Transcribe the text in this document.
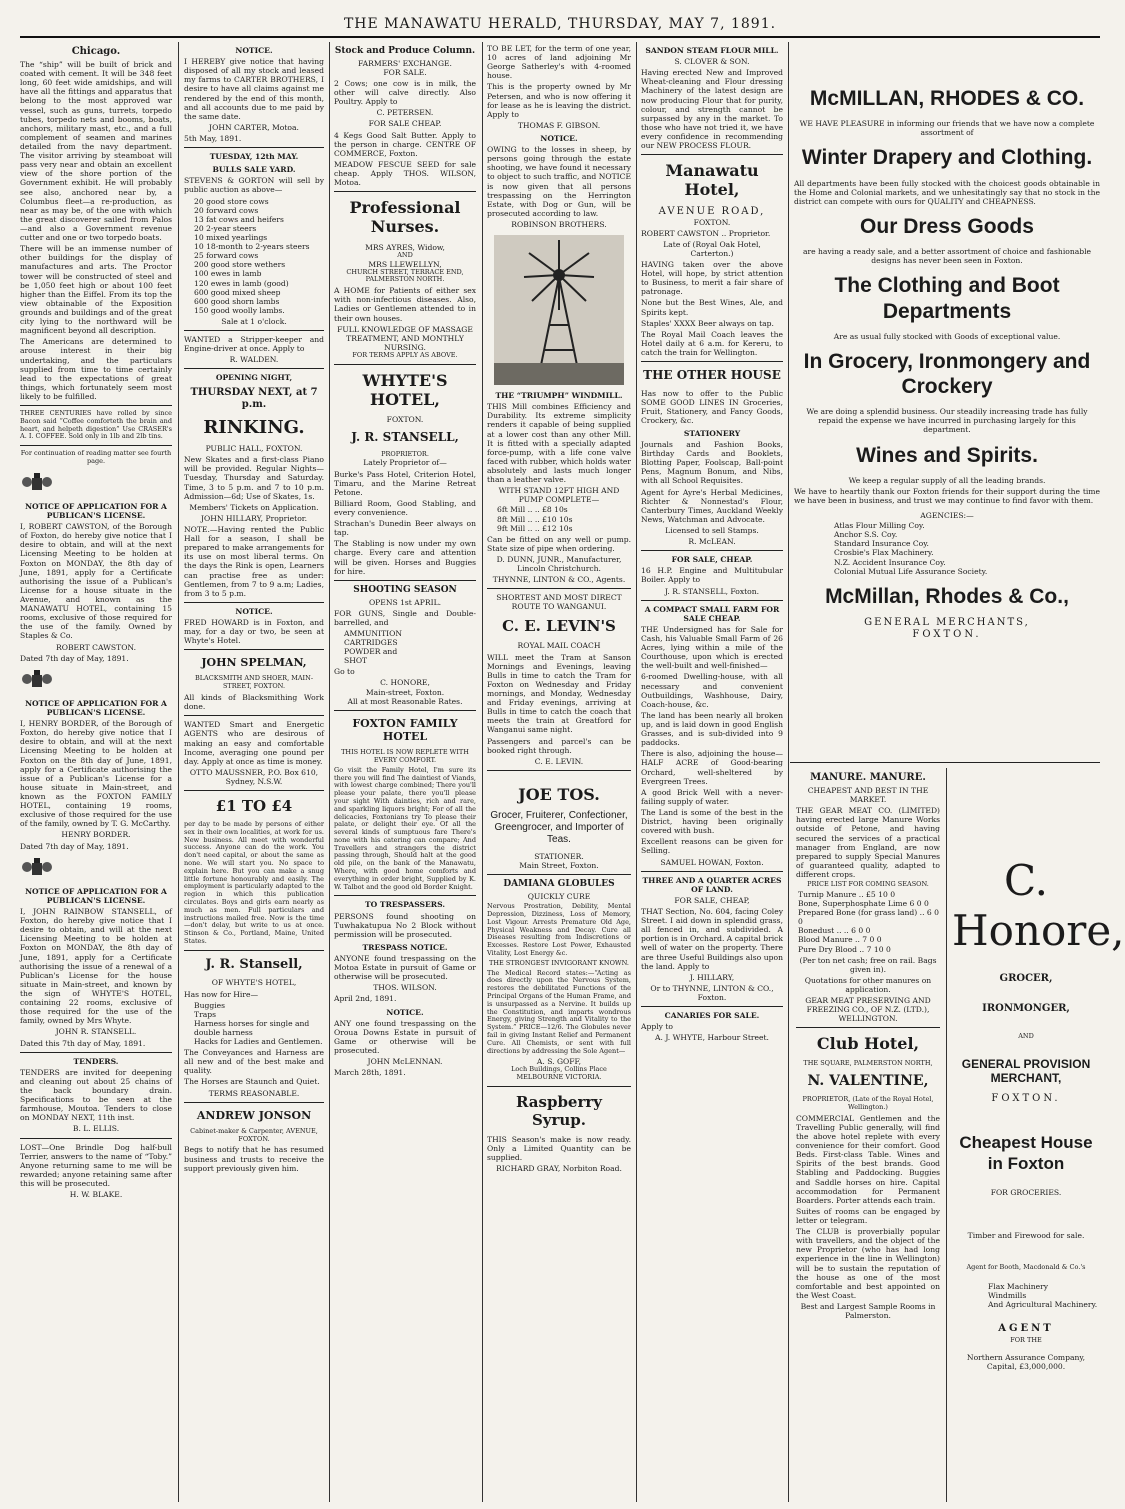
THE MANAWATU HERALD, THURSDAY, MAY 7, 1891.
Chicago.

The “ship” will be built of brick and coated with cement. It will be 348 feet long, 60 feet wide amidships, and will have all the fittings and apparatus that belong to the most approved war vessel, such as guns, turrets, torpedo tubes, torpedo nets and booms, boats, anchors, military mast, etc., and a full complement of seamen and marines detailed from the navy department. The visitor arriving by steamboat will pass very near and obtain an excellent view of the shore portion of the Government exhibit. He will probably see also, anchored near by, a Columbus fleet—a re-production, as near as may be, of the one with which the great discoverer sailed from Palos—and also a Government revenue cutter and one or two torpedo boats.

There will be an immense number of other buildings for the display of manufactures and arts. The Proctor tower will be constructed of steel and be 1,050 feet high or about 100 feet higher than the Eiffel. From its top the view obtainable of the Exposition grounds and buildings and of the great city lying to the northward will be magnificent beyond all description.

The Americans are determined to arouse interest in their big undertaking, and the particulars supplied from time to time certainly lead to the expectations of great things, which fortunately seem most likely to be fulfilled.

THREE CENTURIES have rolled by since Bacon said “Coffee comforteth the brain and heart, and helpeth digestion” Use CRASER's A. I. COFFEE. Sold only in 1lb and 2lb tins.

For continuation of reading matter see fourth page.

NOTICE OF APPLICATION FOR A PUBLICAN'S LICENSE.

I, ROBERT CAWSTON, of the Borough of Foxton, do hereby give notice that I desire to obtain, and will at the next Licensing Meeting to be holden at Foxton on MONDAY, the 8th day of June, 1891, apply for a Certificate authorising the issue of a Publican's License for a house situate in the Avenue, and known as the MANAWATU HOTEL, containing 15 rooms, exclusive of those required for the use of the family. Owned by Staples & Co.

ROBERT CAWSTON.

Dated 7th day of May, 1891.

NOTICE OF APPLICATION FOR A PUBLICAN'S LICENSE.

I, HENRY BORDER, of the Borough of Foxton, do hereby give notice that I desire to obtain, and will at the next Licensing Meeting to be holden at Foxton on the 8th day of June, 1891, apply for a Certificate authorising the issue of a Publican's License for a house situate in Main-street, and known as the FOXTON FAMILY HOTEL, containing 19 rooms, exclusive of those required for the use of the family, owned by T. G. McCarthy.

HENRY BORDER.

Dated 7th day of May, 1891.

NOTICE OF APPLICATION FOR A PUBLICAN'S LICENSE.

I, JOHN RAINBOW STANSELL, of Foxton, do hereby give notice that I desire to obtain, and will at the next Licensing Meeting to be holden at Foxton on MONDAY, the 8th day of June, 1891, apply for a Certificate authorising the issue of a renewal of a Publican's License for the house situate in Main-street, and known by the sign of WHYTE'S HOTEL, containing 22 rooms, exclusive of those required for the use of the family, owned by Mrs Whyte.

JOHN R. STANSELL.

Dated this 7th day of May, 1891.

TENDERS.

TENDERS are invited for deepening and cleaning out about 25 chains of the back boundary drain. Specifications to be seen at the farmhouse, Moutoa. Tenders to close on MONDAY NEXT, 11th inst.

B. L. ELLIS.

LOST—One Brindle Dog half-bull Terrier, answers to the name of “Toby.” Anyone returning same to me will be rewarded; anyone retaining same after this will be prosecuted.

H. W. BLAKE.

NOTICE.

I HEREBY give notice that having disposed of all my stock and leased my farms to CARTER BROTHERS, I desire to have all claims against me rendered by the end of this month, and all accounts due to me paid by the same date.

JOHN CARTER, Motoa.

5th May, 1891.

TUESDAY, 12th MAY.
BULLS SALE YARD.

STEVENS & GORTON will sell by public auction as above—

20 good store cows
20 forward cows
13 fat cows and heifers
20 2-year steers
10 mixed yearlings
10 18-month to 2-years steers
25 forward cows
200 good store wethers
100 ewes in lamb
120 ewes in lamb (good)
600 good mixed sheep
600 good shorn lambs
150 good woolly lambs.

Sale at 1 o'clock.

WANTED a Stripper-keeper and Engine-driver at once. Apply to

R. WALDEN.

OPENING NIGHT,
THURSDAY NEXT, at 7 p.m.
RINKING.
PUBLIC HALL, FOXTON.

New Skates and a first-class Piano will be provided. Regular Nights—Tuesday, Thursday and Saturday. Time, 3 to 5 p.m. and 7 to 10 p.m. Admission—6d; Use of Skates, 1s.

Members' Tickets on Application.

JOHN HILLARY, Proprietor.

NOTE.—Having rented the Public Hall for a season, I shall be prepared to make arrangements for its use on most liberal terms. On the days the Rink is open, Learners can practise free as under: Gentlemen, from 7 to 9 a.m; Ladies, from 3 to 5 p.m.

NOTICE.

FRED HOWARD is in Foxton, and may, for a day or two, be seen at Whyte's Hotel.

JOHN SPELMAN,
BLACKSMITH AND SHOER, MAIN-STREET, FOXTON.

All kinds of Blacksmithing Work done.

WANTED Smart and Energetic AGENTS who are desirous of making an easy and comfortable Income, averaging one pound per day. Apply at once as time is money.

OTTO MAUSSNER, P.O. Box 610, Sydney, N.S.W.

£1 TO £4

per day to be made by persons of either sex in their own localities, at work for us. New business. All meet with wonderful success. Anyone can do the work. You don't need capital, or about the same as none. We will start you. No space to explain here. But you can make a snug little fortune honourably and easily. The employment is particularly adapted to the region in which this publication circulates. Boys and girls earn nearly as much as men. Full particulars and instructions mailed free. Now is the time—don't delay, but write to us at once. Stinson & Co., Portland, Maine, United States.

J. R. Stansell,
OF WHYTE'S HOTEL,

Has now for Hire—

Buggies
Traps
Harness horses for single and double harness
Hacks for Ladies and Gentlemen.

The Conveyances and Harness are all new and of the best make and quality.

The Horses are Staunch and Quiet.

TERMS REASONABLE.

ANDREW JONSON
Cabinet-maker & Carpenter, AVENUE, FOXTON.

Begs to notify that he has resumed business and trusts to receive the support previously given him.

Stock and Produce Column.
FARMERS' EXCHANGE.
FOR SALE.

2 Cows; one cow is in milk, the other will calve directly. Also Poultry. Apply to

C. PETERSEN.

FOR SALE CHEAP.

4 Kegs Good Salt Butter. Apply to the person in charge. CENTRE OF COMMERCE, Foxton.

MEADOW FESCUE SEED for sale cheap. Apply THOS. WILSON, Motoa.

Professional Nurses.
MRS AYRES, Widow,
AND
MRS LLEWELLYN,
CHURCH STREET, TERRACE END, PALMERSTON NORTH.

A HOME for Patients of either sex with non-infectious diseases. Also, Ladies or Gentlemen attended to in their own houses.

FULL KNOWLEDGE OF MASSAGE TREATMENT, AND MONTHLY NURSING.
FOR TERMS APPLY AS ABOVE.
WHYTE'S HOTEL,
FOXTON.
J. R. STANSELL,
PROPRIETOR.
Lately Proprietor of—

Burke's Pass Hotel, Criterion Hotel, Timaru, and the Marine Retreat Petone.

Billiard Room, Good Stabling, and every convenience.

Strachan's Dunedin Beer always on tap.

The Stabling is now under my own charge. Every care and attention will be given. Horses and Buggies for hire.

SHOOTING SEASON
OPENS 1st APRIL.

FOR GUNS, Single and Double-barrelled, and

AMMUNITION
CARTRIDGES
POWDER and
SHOT

Go to

C. HONORE,
Main-street, Foxton.
All at most Reasonable Rates.
FOXTON FAMILY HOTEL
THIS HOTEL IS NOW REPLETE WITH EVERY COMFORT.

Go visit the Family Hotel, I'm sure its there you will find The daintiest of Viands, with lowest charge combined; There you'll please your palate, there you'll please your sight With dainties, rich and rare, and sparkling liquors bright; For of all the delicacies, Foxtonians try To please their palate, or delight their eye. Of all the several kinds of sumptuous fare There's none with his catering can compare; And Travellers and strangers the district passing through, Should halt at the good old pile, on the bank of the Manawatu, Where, with good home comforts and everything in order bright, Supplied by K. W. Talbot and the good old Border Knight.

TO TRESPASSERS.

PERSONS found shooting on Tuwhakatupua No 2 Block without permission will be prosecuted.

TRESPASS NOTICE.

ANYONE found trespassing on the Motoa Estate in pursuit of Game or otherwise will be prosecuted.

THOS. WILSON.

April 2nd, 1891.

NOTICE.

ANY one found trespassing on the Oroua Downs Estate in pursuit of Game or otherwise will be prosecuted.

JOHN McLENNAN.

March 28th, 1891.

TO BE LET, for the term of one year, 10 acres of land adjoining Mr George Satherley's with 4-roomed house.

This is the property owned by Mr Petersen, and who is now offering it for lease as he is leaving the district. Apply to

THOMAS F. GIBSON.

NOTICE.

OWING to the losses in sheep, by persons going through the estate shooting, we have found it necessary to object to such traffic, and NOTICE is now given that all persons trespassing on the Herrington Estate, with Dog or Gun, will be prosecuted according to law.

ROBINSON BROTHERS.

THE “TRIUMPH” WINDMILL.

THIS Mill combines Efficiency and Durability. Its extreme simplicity renders it capable of being supplied at a lower cost than any other Mill. It is fitted with a specially adapted force-pump, with a life cone valve faced with rubber, which holds water absolutely and lasts much longer than a leather valve.

WITH STAND 12FT HIGH AND PUMP COMPLETE—
6ft Mill .. .. £8 10s
8ft Mill .. .. £10 10s
9ft Mill .. .. £12 10s

Can be fitted on any well or pump. State size of pipe when ordering.

D. DUNN, JUNR., Manufacturer, Lincoln Christchurch.

THYNNE, LINTON & CO., Agents.

SHORTEST AND MOST DIRECT ROUTE TO WANGANUI.
C. E. LEVIN'S
ROYAL MAIL COACH

WILL meet the Tram at Sanson Mornings and Evenings, leaving Bulls in time to catch the Tram for Foxton on Wednesday and Friday mornings, and Monday, Wednesday and Friday evenings, arriving at Bulls in time to catch the coach that meets the train at Greatford for Wanganui same night.

Passengers and parcel's can be booked right through.

C. E. LEVIN.

JOE TOS.
Grocer, Fruiterer, Confectioner, Greengrocer, and Importer of Teas.
STATIONER.
Main Street, Foxton.
DAMIANA GLOBULES
QUICKLY CURE

Nervous Prostration, Debility, Mental Depression, Dizziness, Loss of Memory, Lost Vigour. Arrests Premature Old Age, Physical Weakness and Decay. Cure all Diseases resulting from Indiscretions or Excesses. Restore Lost Power, Exhausted Vitality, Lost Energy &c.

THE STRONGEST INVIGORANT KNOWN.

The Medical Record states:—“Acting as does directly upon the Nervous System, restores the debilitated Functions of the Principal Organs of the Human Frame, and is unsurpassed as a Nervine. It builds up the Constitution, and imparts wondrous Energy, giving Strength and Vitality to the System.” PRICE—12/6. The Globules never fail in giving Instant Relief and Permanent Cure. All Chemists, or sent with full directions by addressing the Sole Agent—

A. S. GOFF,
Loch Buildings, Collins Place MELBOURNE VICTORIA.
Raspberry Syrup.

THIS Season's make is now ready. Only a Limited Quantity can be supplied.

RICHARD GRAY, Norbiton Road.

SANDON STEAM FLOUR MILL.
S. CLOVER & SON.

Having erected New and Improved Wheat-cleaning and Flour dressing Machinery of the latest design are now producing Flour that for purity, colour, and strength cannot be surpassed by any in the market. To those who have not tried it, we have every confidence in recommending our NEW PROCESS FLOUR.

Manawatu Hotel,
AVENUE ROAD,
FOXTON.

ROBERT CAWSTON .. Proprietor.

Late of (Royal Oak Hotel, Carterton.)

HAVING taken over the above Hotel, will hope, by strict attention to Business, to merit a fair share of patronage.

None but the Best Wines, Ale, and Spirits kept.

Staples' XXXX Beer always on tap.

The Royal Mail Coach leaves the Hotel daily at 6 a.m. for Kereru, to catch the train for Wellington.

THE OTHER HOUSE

Has now to offer to the Public SOME GOOD LINES IN Groceries, Fruit, Stationery, and Fancy Goods, Crockery, &c.

STATIONERY

Journals and Fashion Books, Birthday Cards and Booklets, Blotting Paper, Foolscap, Ball-point Pens, Magnum Bonum, and Nibs, with all School Requisites.

Agent for Ayre's Herbal Medicines, Richter & Nonnestad's Flour, Canterbury Times, Auckland Weekly News, Watchman and Advocate.

Licensed to sell Stamps.

R. McLEAN.

FOR SALE, CHEAP.

16 H.P. Engine and Multitubular Boiler. Apply to

J. R. STANSELL, Foxton.

A COMPACT SMALL FARM FOR SALE CHEAP.

THE Undersigned has for Sale for Cash, his Valuable Small Farm of 26 Acres, lying within a mile of the Courthouse, upon which is erected the well-built and well-finished—

6-roomed Dwelling-house, with all necessary and convenient Outbuildings, Washhouse, Dairy, Coach-house, &c.

The land has been nearly all broken up, and is laid down in good English Grasses, and is sub-divided into 9 paddocks.

There is also, adjoining the house—HALF ACRE of Good-bearing Orchard, well-sheltered by Evergreen Trees.

A good Brick Well with a never-failing supply of water.

The Land is some of the best in the District, having been originally covered with bush.

Excellent reasons can be given for Selling.

SAMUEL HOWAN, Foxton.

THREE AND A QUARTER ACRES OF LAND.
FOR SALE, CHEAP,

THAT Section, No. 604, facing Coley Street. I aid down in splendid grass, all fenced in, and subdivided. A portion is in Orchard. A capital brick well of water on the property. There are three Useful Buildings also upon the land. Apply to

J. HILLARY,

Or to THYNNE, LINTON & CO., Foxton.

CANARIES FOR SALE.

Apply to

A. J. WHYTE, Harbour Street.

McMILLAN, RHODES & CO.

WE HAVE PLEASURE in informing our friends that we have now a complete assortment of

Winter Drapery and Clothing.

All departments have been fully stocked with the choicest goods obtainable in the Home and Colonial markets, and we unhesitatingly say that no stock in the district can compete with ours for QUALITY and CHEAPNESS.

Our Dress Goods

are having a ready sale, and a better assortment of choice and fashionable designs has never been seen in Foxton.

The Clothing and Boot Departments

Are as usual fully stocked with Goods of exceptional value.

In Grocery, Ironmongery and Crockery

We are doing a splendid business. Our steadily increasing trade has fully repaid the expense we have incurred in purchasing largely for this department.

Wines and Spirits.

We keep a regular supply of all the leading brands.

We have to heartily thank our Foxton friends for their support during the time we have been in business, and trust we may continue to find favor with them.

AGENCIES:—
Atlas Flour Milling Coy.
Anchor S.S. Coy.
Standard Insurance Coy.
Crosbie's Flax Machinery.
N.Z. Accident Insurance Coy.
Colonial Mutual Life Assurance Society.
McMillan, Rhodes & Co.,
GENERAL MERCHANTS,
FOXTON.
MANURE. MANURE.
CHEAPEST AND BEST IN THE MARKET.

THE GEAR MEAT CO. (LIMITED) having erected large Manure Works outside of Petone, and having secured the services of a practical manager from England, are now prepared to supply Special Manures of guaranteed quality, adapted to different crops.

PRICE LIST FOR COMING SEASON.
Turnip Manure .. £5 10 0
Bone, Superphosphate Lime 6 0 0
Prepared Bone (for grass land) .. 6 0 0
Bonedust .. .. 6 0 0
Blood Manure .. 7 0 0
Pure Dry Blood .. 7 10 0

(Per ton net cash; free on rail. Bags given in).

Quotations for other manures on application.

GEAR MEAT PRESERVING AND FREEZING CO., OF N.Z. (LTD.), WELLINGTON.

Club Hotel,
THE SQUARE, PALMERSTON NORTH,
N. VALENTINE,
PROPRIETOR, (Late of the Royal Hotel, Wellington.)

COMMERCIAL Gentlemen and the Travelling Public generally, will find the above hotel replete with every convenience for their comfort. Good Beds. First-class Table. Wines and Spirits of the best brands. Good Stabling and Paddocking. Buggies and Saddle horses on hire. Capital accommodation for Permanent Boarders. Porter attends each train.

Suites of rooms can be engaged by letter or telegram.

The CLUB is proverbially popular with travellers, and the object of the new Proprietor (who has had long experience in the line in Wellington) will be to sustain the reputation of the house as one of the most comfortable and best appointed on the West Coast.

Best and Largest Sample Rooms in Palmerston.
C. Honore,
GROCER,
IRONMONGER,
AND
GENERAL PROVISION MERCHANT,
FOXTON.
Cheapest House in Foxton
FOR GROCERIES.
Timber and Firewood for sale.
Agent for Booth, Macdonald & Co.'s
Flax Machinery
Windmills
And Agricultural Machinery.
AGENT
FOR THE
Northern Assurance Company,
Capital, £3,000,000.
